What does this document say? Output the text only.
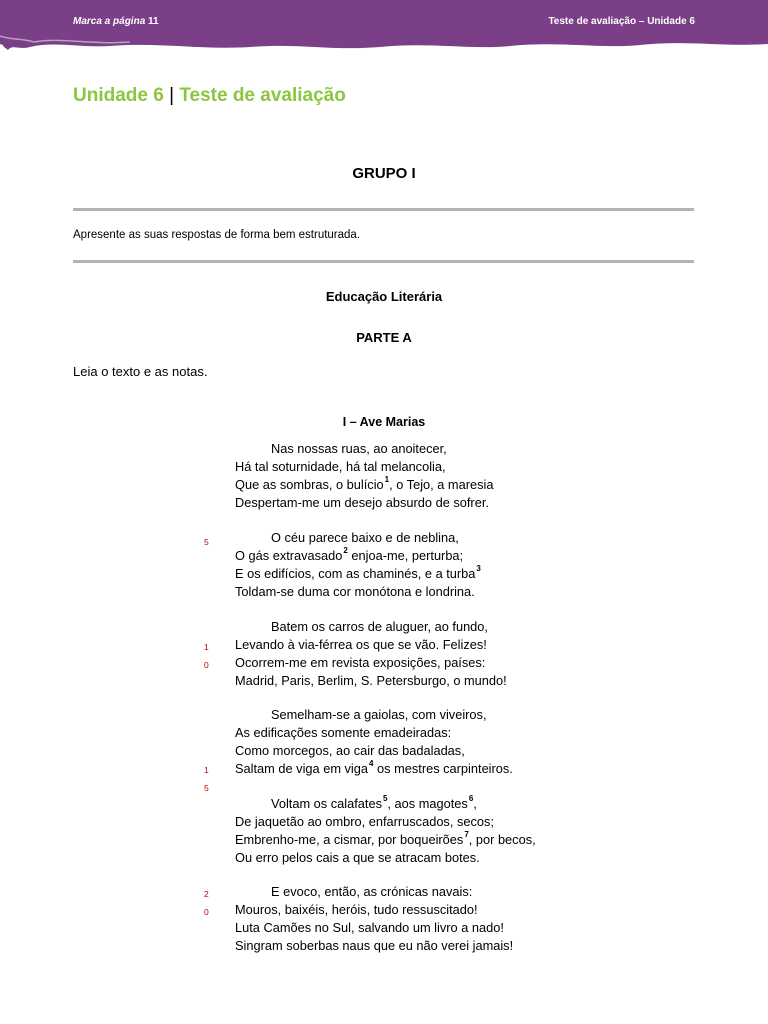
Marca a página 11	Teste de avaliação – Unidade 6
Unidade 6 | Teste de avaliação
GRUPO I
Apresente as suas respostas de forma bem estruturada.
Educação Literária
PARTE A
Leia o texto e as notas.
I – Ave Marias
Nas nossas ruas, ao anoitecer,
Há tal soturnidade, há tal melancolia,
Que as sombras, o bulício$^1$, o Tejo, a maresia
Despertam-me um desejo absurdo de sofrer.
O céu parece baixo e de neblina,
O gás extravasado$^2$ enjoa-me, perturba;
E os edifícios, com as chaminés, e a turba$^3$
Toldam-se duma cor monótona e londrina.
Batem os carros de aluguer, ao fundo,
Levando à via-férrea os que se vão. Felizes!
Ocorrem-me em revista exposições, países:
Madrid, Paris, Berlim, S. Petersburgo, o mundo!
Semelham-se a gaiolas, com viveiros,
As edificações somente emadeiradas:
Como morcegos, ao cair das badaladas,
Saltam de viga em viga$^4$ os mestres carpinteiros.
Voltam os calafates$^5$, aos magotes$^6$,
De jaquetão ao ombro, enfarruscados, secos;
Embrenho-me, a cismar, por boqueirões$^7$, por becos,
Ou erro pelos cais a que se atracam botes.
E evoco, então, as crónicas navais:
Mouros, baixéis, heróis, tudo ressuscitado!
Luta Camões no Sul, salvando um livro a nado!
Singram soberbas naus que eu não verei jamais!
5
1
0
1
5
2
0
